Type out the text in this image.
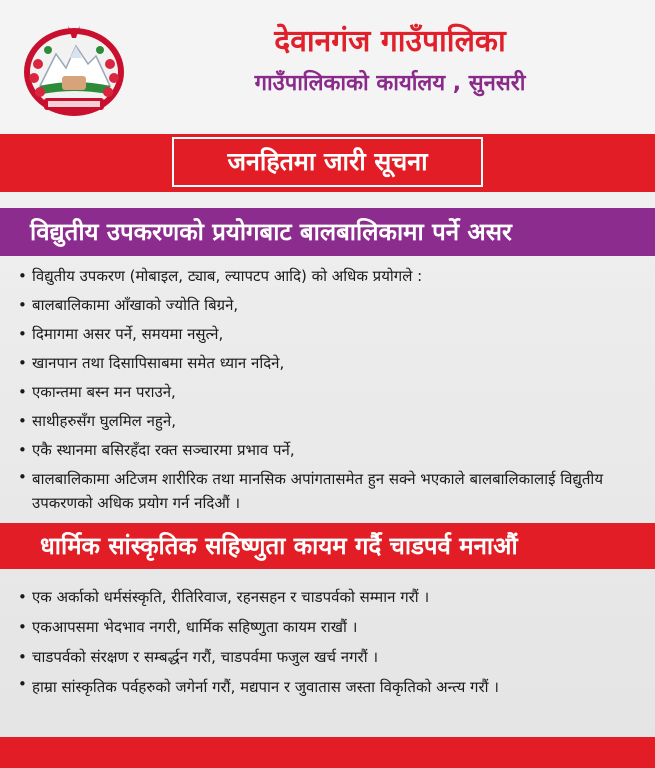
देवानगंज गाउँपालिका
गाउँपालिकाको कार्यालय , सुनसरी
जनहितमा जारी सूचना
विद्युतीय उपकरणको प्रयोगबाट बालबालिकामा पर्ने असर
• विद्युतीय उपकरण (मोबाइल, ट्याब, ल्यापटप आदि) को अधिक प्रयोगले :
• बालबालिकामा आँखाको ज्योति बिग्रने,
• दिमागमा असर पर्ने, समयमा नसुत्ने,
• खानपान तथा दिसापिसाबमा समेत ध्यान नदिने,
• एकान्तमा बस्न मन पराउने,
• साथीहरुसँग घुलमिल नहुने,
• एकै स्थानमा बसिरहँदा रक्त सञ्चारमा प्रभाव पर्ने,
• बालबालिकामा अटिजम शारीरिक तथा मानसिक अपांगतासमेत हुन सक्ने भएकाले बालबालिकालाई विद्युतीय उपकरणको अधिक प्रयोग गर्न नदिऔं ।
धार्मिक सांस्कृतिक सहिष्णुता कायम गर्दै चाडपर्व मनाऔं
• एक अर्काको धर्मसंस्कृति, रीतिरिवाज, रहनसहन र चाडपर्वको सम्मान गरौं ।
• एकआपसमा भेदभाव नगरी, धार्मिक सहिष्णुता कायम राखौं ।
• चाडपर्वको संरक्षण र सम्बर्द्धन गरौं, चाडपर्वमा फजुल खर्च नगरौं ।
• हाम्रा सांस्कृतिक पर्वहरुको जगेर्ना गरौं, मद्यपान र जुवातास जस्ता विकृतिको अन्त्य गरौं ।
